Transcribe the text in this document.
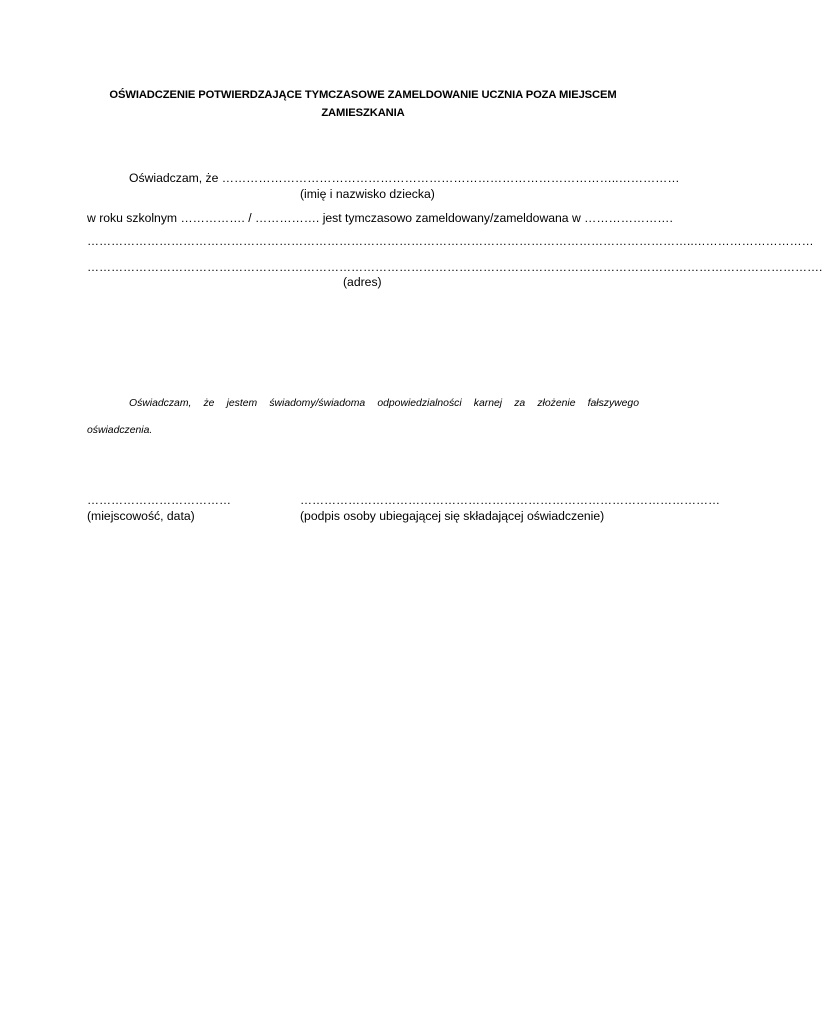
OŚWIADCZENIE POTWIERDZAJĄCE TYMCZASOWE ZAMELDOWANIE UCZNIA POZA MIEJSCEM
ZAMIESZKANIA
Oświadczam, że ……………………………………………………………………………………..……………
(imię i nazwisko dziecka)
w roku szkolnym ……………. / ……………. jest tymczasowo zameldowany/zameldowana w ………………….
……………………………………………………………………………………………………………………………………..…………………………
………………………………………………………………………………………………………………………………………………………………….
(adres)
Oświadczam, że jestem świadomy/świadoma odpowiedzialności karnej za złożenie fałszywego
oświadczenia.
………………………………	……………………………………………………………………………………………
(miejscowość, data)	(podpis osoby ubiegającej się składającej oświadczenie)
